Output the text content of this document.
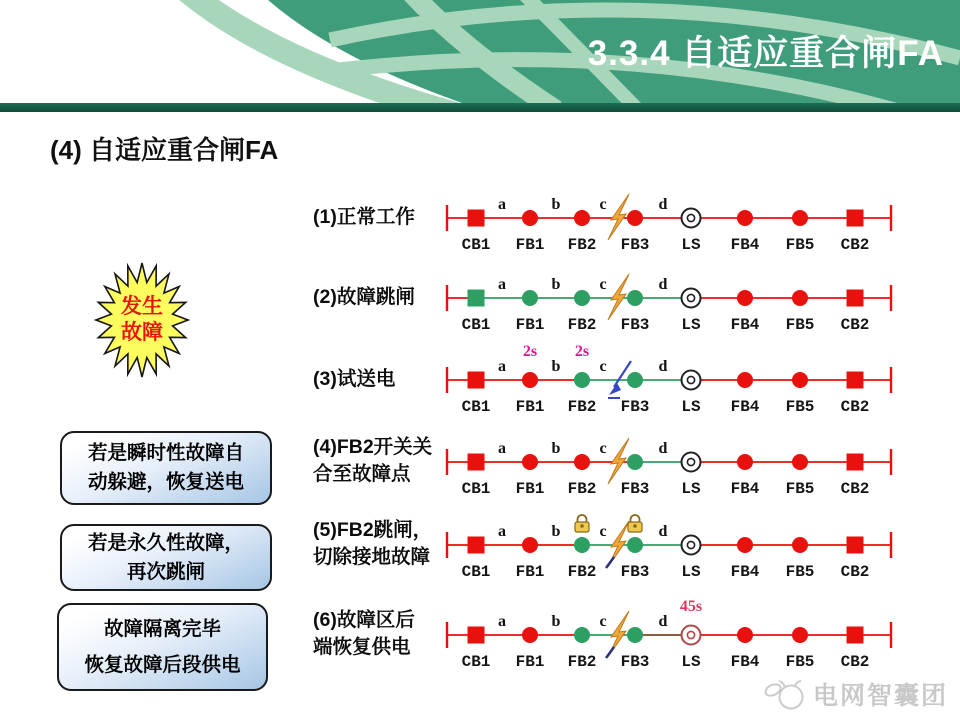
3.3.4 自适应重合闸FA
(4) 自适应重合闸FA
发生
故障
若是瞬时性故障自
动躲避，恢复送电
若是永久性故障，
再次跳闸
故障隔离完毕
恢复故障后段供电
(1)正常工作
a	b c	d
CB1 FB1 FB2 FB3 LS FB4 FB5 CB2
(2)故障跳闸
a	b c	d
CB1 FB1 FB2 FB3 LS FB4 FB5 CB2
(3)试送电
a	b c	d
CB1 FB1 FB2 FB3 LS FB4 FB5 CB2
2s 2s
(4)FB2开关关
合至故障点
a	b c	d
CB1 FB1 FB2 FB3 LS FB4 FB5 CB2
(5)FB2跳闸，
切除接地故障
a	b c	d
CB1 FB1 FB2 FB3 LS FB4 FB5 CB2
(6)故障区后
端恢复供电
a	b c	d
CB1 FB1 FB2 FB3 LS FB4 FB5 CB2
45s
电网智囊团
